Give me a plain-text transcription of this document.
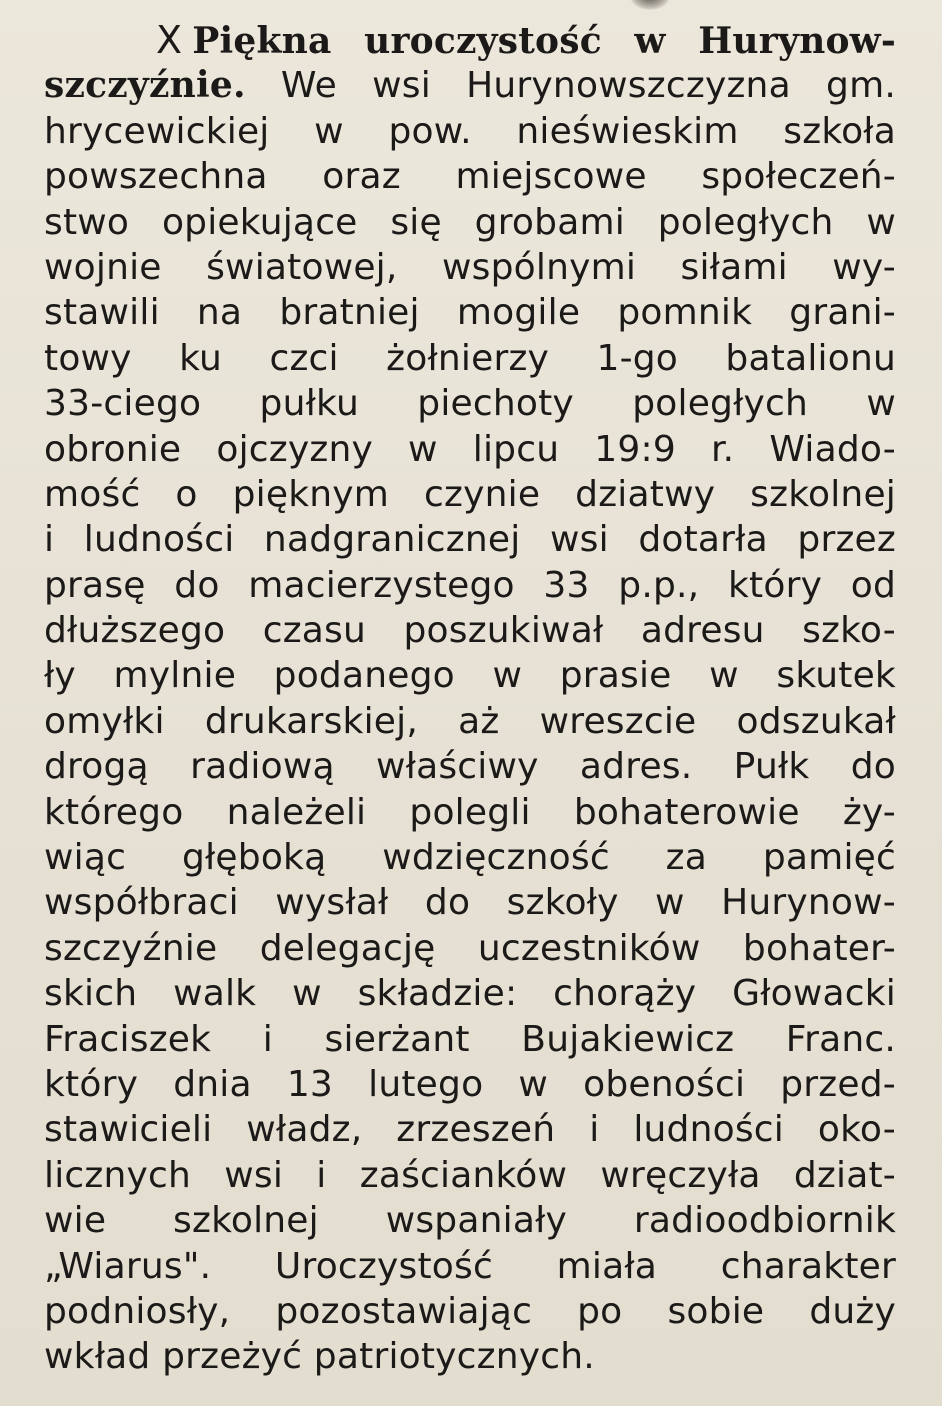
X Piękna uroczystość w Hurynow-
szczyźnie. We wsi Hurynowszczyzna gm.
hrycewickiej w pow. nieświeskim szkoła
powszechna oraz miejscowe społeczeń-
stwo opiekujące się grobami poległych w
wojnie światowej, wspólnymi siłami wy-
stawili na bratniej mogile pomnik grani-
towy ku czci żołnierzy 1-go batalionu
33-ciego pułku piechoty poległych w
obronie ojczyzny w lipcu 19:9 r. Wiado-
mość o pięknym czynie dziatwy szkolnej
i ludności nadgranicznej wsi dotarła przez
prasę do macierzystego 33 p.p., który od
dłuższego czasu poszukiwał adresu szko-
ły mylnie podanego w prasie w skutek
omyłki drukarskiej, aż wreszcie odszukał
drogą radiową właściwy adres. Pułk do
którego należeli polegli bohaterowie ży-
wiąc głęboką wdzięczność za pamięć
współbraci wysłał do szkoły w Hurynow-
szczyźnie delegację uczestników bohater-
skich walk w składzie: chorąży Głowacki
Fraciszek i sierżant Bujakiewicz Franc.
który dnia 13 lutego w obeności przed-
stawicieli władz, zrzeszeń i ludności oko-
licznych wsi i zaścianków wręczyła dziat-
wie szkolnej wspaniały radioodbiornik
„Wiarus". Uroczystość miała charakter
podniosły, pozostawiając po sobie duży
wkład przeżyć patriotycznych.
